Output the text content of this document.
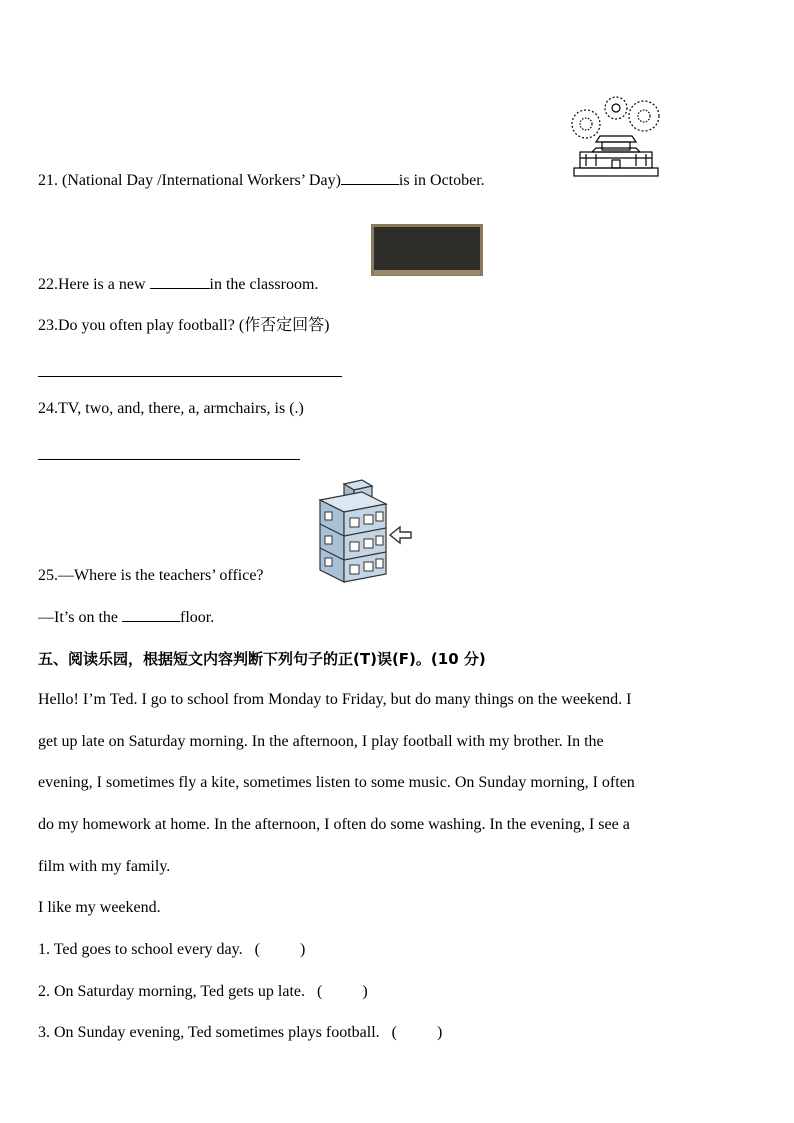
21. (National Day /International Workers’ Day)	is in October.
22.Here is a new	in the classroom.
23.Do you often play football? (作否定回答)
24.TV, two, and, there, a, armchairs, is (.)
25.—Where is the teachers’ office?
—It’s on the	floor.
五、阅读乐园，根据短文内容判断下列句子的正(T)误(F)。(10 分)
Hello! I’m Ted. I go to school from Monday to Friday, but do many things on the weekend. I
get up late on Saturday morning. In the afternoon, I play football with my brother. In the
evening, I sometimes fly a kite, sometimes listen to some music. On Sunday morning, I often
do my homework at home. In the afternoon, I often do some washing. In the evening, I see a
film with my family.
I like my weekend.
1. Ted goes to school every day. (          )
2. On Saturday morning, Ted gets up late. (          )
3. On Sunday evening, Ted sometimes plays football. (          )
